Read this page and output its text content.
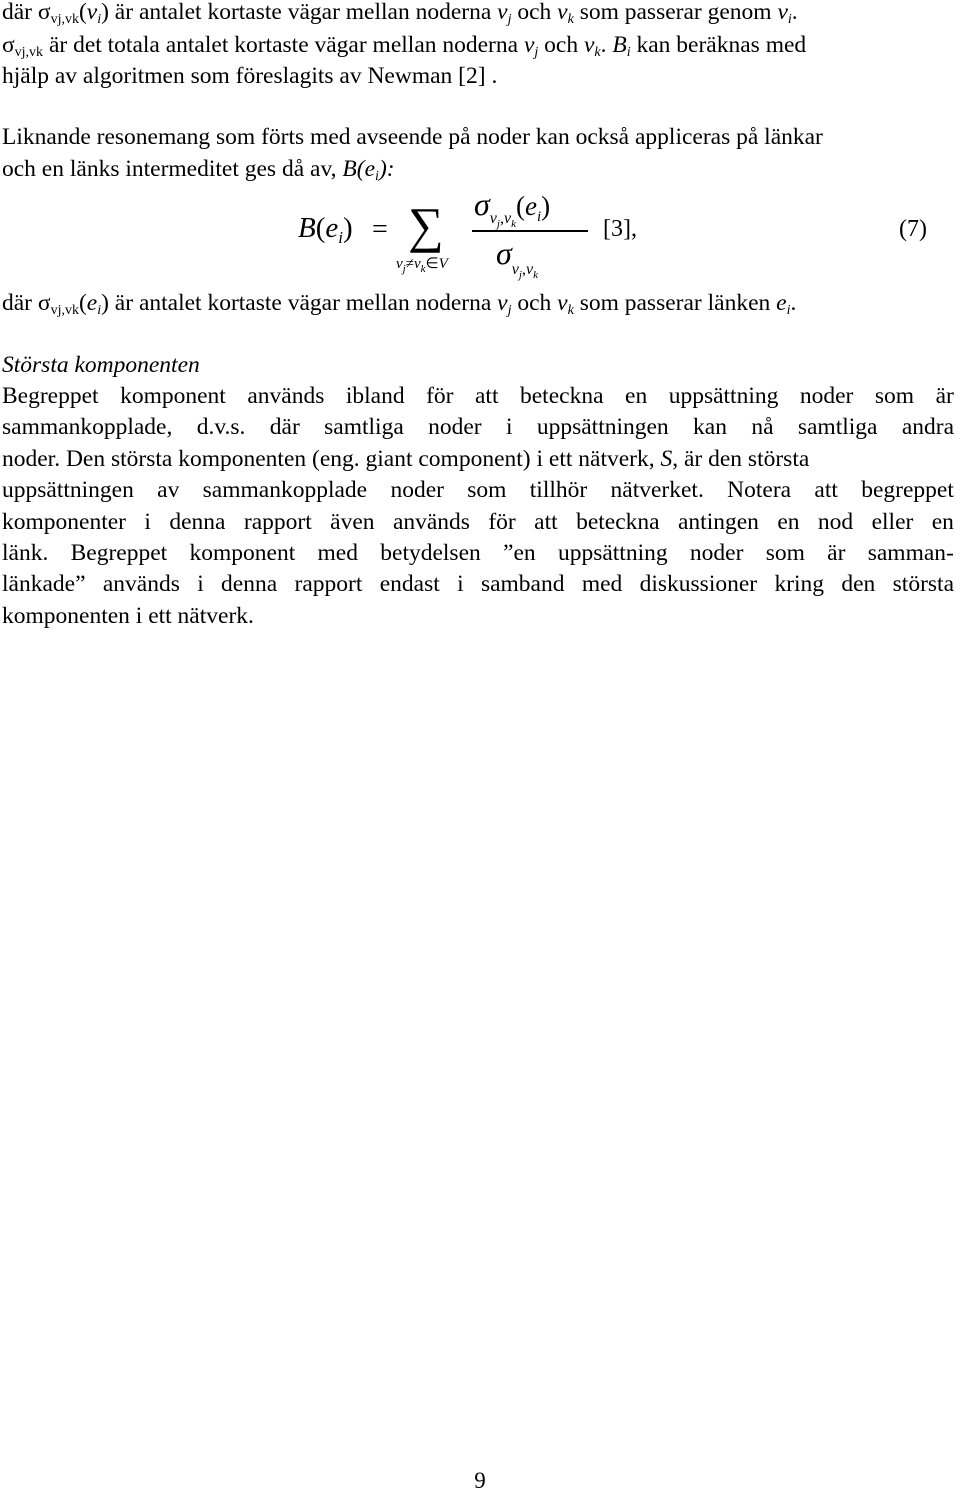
där $\sigma_{vj,vk}(v_i)$ är antalet kortaste vägar mellan noderna $v_j$ och $v_k$ som passerar genom $v_i$.
$\sigma_{vj,vk}$ är det totala antalet kortaste vägar mellan noderna $v_j$ och $v_k$. $B_i$ kan beräknas med
hjälp av algoritmen som föreslagits av Newman [2] .
Liknande resonemang som förts med avseende på noder kan också appliceras på länkar
och en länks intermeditet ges då av, $B(e_i)$:
$B(e_i)$ = ∑
$v_j\ne v_k\in V$
$\sigma_{v_j,v_k}(e_i)$
$\sigma_{v_j,v_k}$
[3],	(7)
där $\sigma_{vj,vk}(e_i)$ är antalet kortaste vägar mellan noderna $v_j$ och $v_k$ som passerar länken $e_i$.
Största komponenten
Begreppet komponent används ibland för att beteckna en uppsättning noder som är
sammankopplade, d.v.s. där samtliga noder i uppsättningen kan nå samtliga andra
noder. Den största komponenten (eng. giant component) i ett nätverk, S, är den största
uppsättningen av sammankopplade noder som tillhör nätverket. Notera att begreppet
komponenter i denna rapport även används för att beteckna antingen en nod eller en
länk. Begreppet komponent med betydelsen ”en uppsättning noder som är samman-
länkade” används i denna rapport endast i samband med diskussioner kring den största
komponenten i ett nätverk.
9
